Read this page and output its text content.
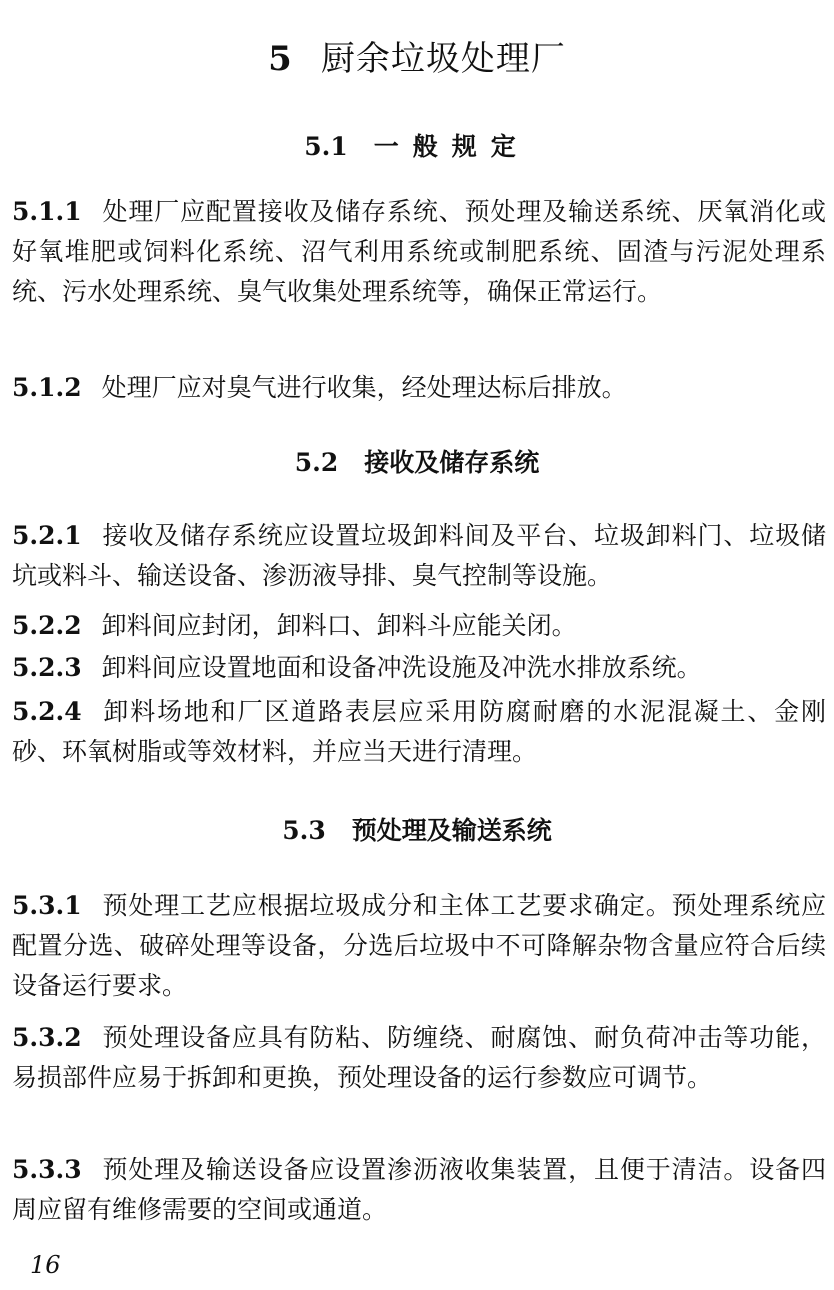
5 厨余垃圾处理厂
5.1 一般规定
5.1.1 处理厂应配置接收及储存系统、预处理及输送系统、厌氧消化或好氧堆肥或饲料化系统、沼气利用系统或制肥系统、固渣与污泥处理系统、污水处理系统、臭气收集处理系统等，确保正常运行。
5.1.2 处理厂应对臭气进行收集，经处理达标后排放。
5.2 接收及储存系统
5.2.1 接收及储存系统应设置垃圾卸料间及平台、垃圾卸料门、垃圾储坑或料斗、输送设备、渗沥液导排、臭气控制等设施。
5.2.2 卸料间应封闭，卸料口、卸料斗应能关闭。
5.2.3 卸料间应设置地面和设备冲洗设施及冲洗水排放系统。
5.2.4 卸料场地和厂区道路表层应采用防腐耐磨的水泥混凝土、金刚砂、环氧树脂或等效材料，并应当天进行清理。
5.3 预处理及输送系统
5.3.1 预处理工艺应根据垃圾成分和主体工艺要求确定。预处理系统应配置分选、破碎处理等设备，分选后垃圾中不可降解杂物含量应符合后续设备运行要求。
5.3.2 预处理设备应具有防粘、防缠绕、耐腐蚀、耐负荷冲击等功能，易损部件应易于拆卸和更换，预处理设备的运行参数应可调节。
5.3.3 预处理及输送设备应设置渗沥液收集装置，且便于清洁。设备四周应留有维修需要的空间或通道。
16
